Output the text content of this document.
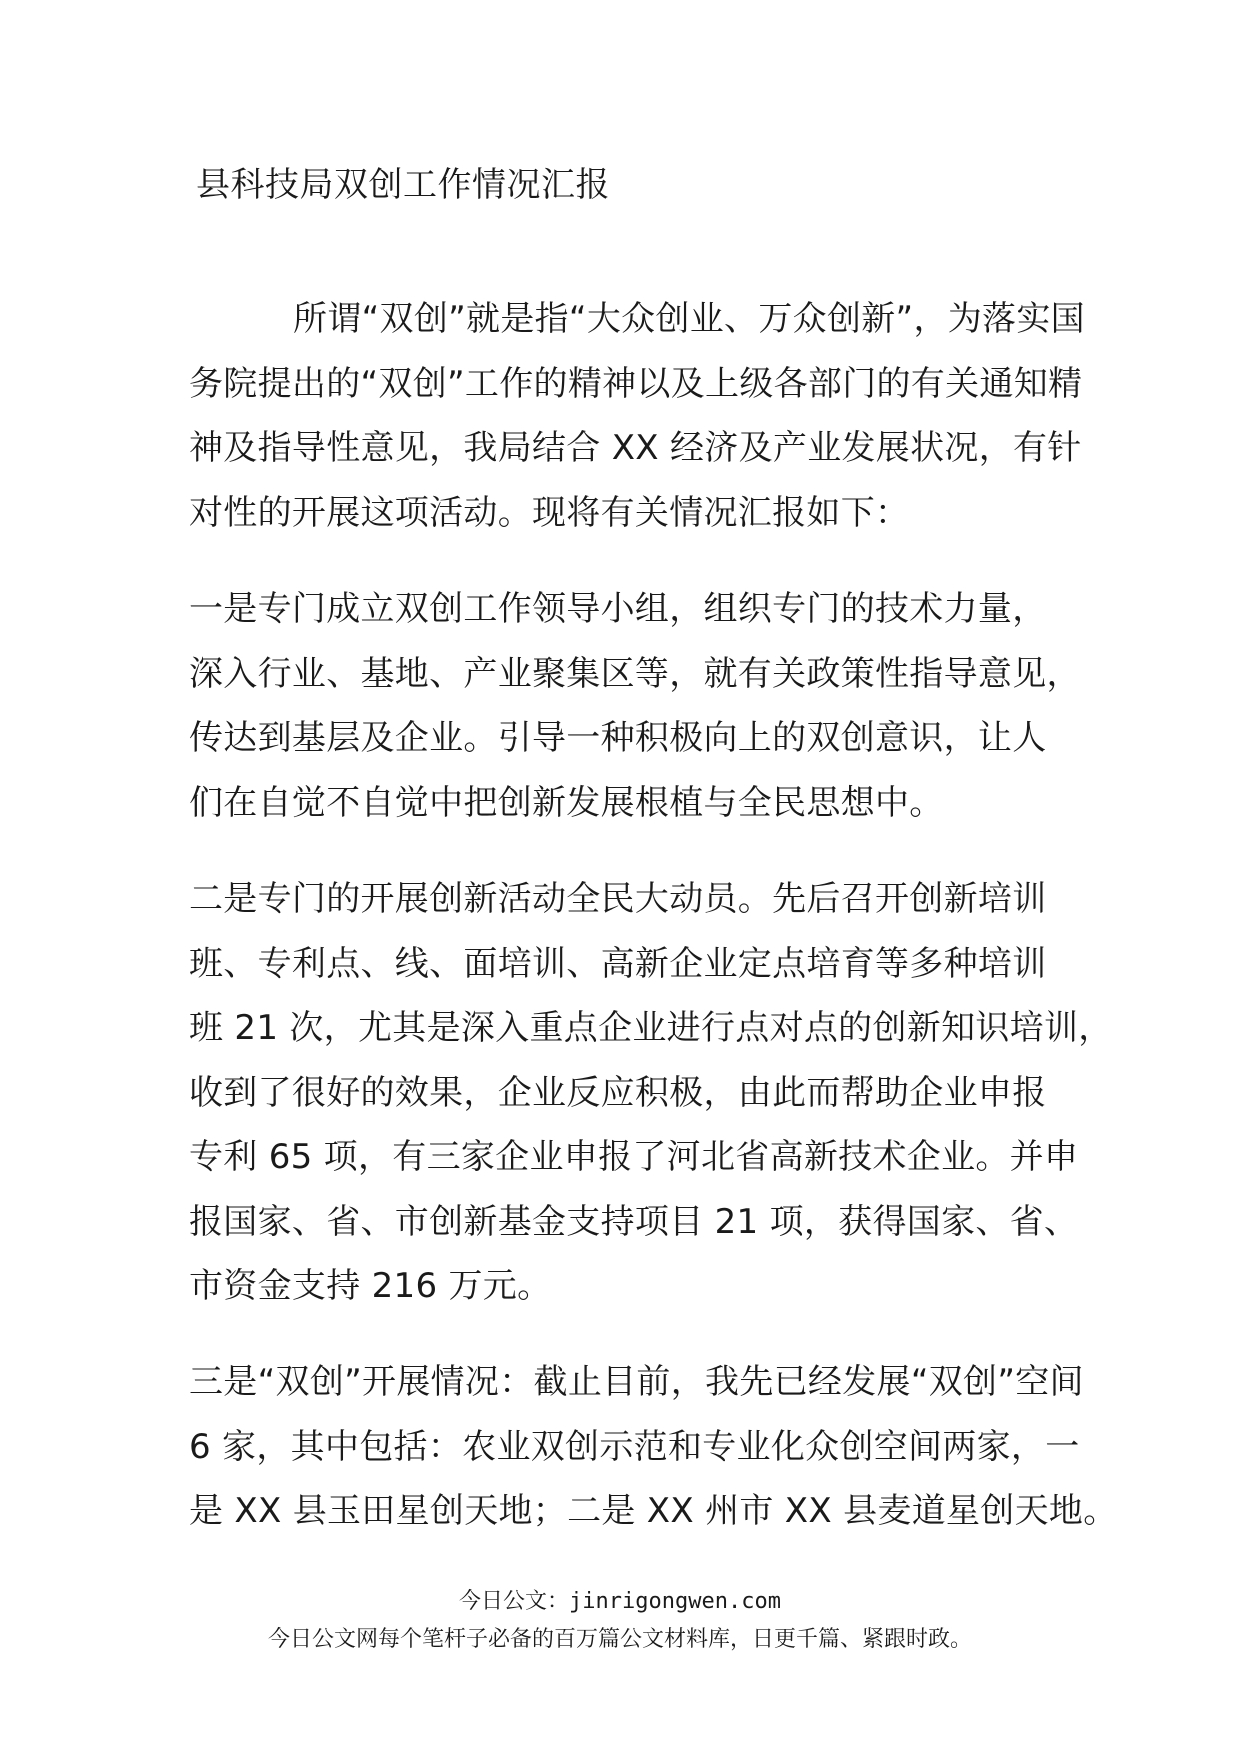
县科技局双创工作情况汇报
所谓“双创”就是指“大众创业、万众创新”，为落实国
务院提出的“双创”工作的精神以及上级各部门的有关通知精
神及指导性意见，我局结合 XX 经济及产业发展状况，有针
对性的开展这项活动。现将有关情况汇报如下：
一是专门成立双创工作领导小组，组织专门的技术力量，
深入行业、基地、产业聚集区等，就有关政策性指导意见，
传达到基层及企业。引导一种积极向上的双创意识，让人
们在自觉不自觉中把创新发展根植与全民思想中。
二是专门的开展创新活动全民大动员。先后召开创新培训
班、专利点、线、面培训、高新企业定点培育等多种培训
班 21 次，尤其是深入重点企业进行点对点的创新知识培训，
收到了很好的效果，企业反应积极，由此而帮助企业申报
专利 65 项，有三家企业申报了河北省高新技术企业。并申
报国家、省、市创新基金支持项目 21 项，获得国家、省、
市资金支持 216 万元。
三是“双创”开展情况：截止目前，我先已经发展“双创”空间
6 家，其中包括：农业双创示范和专业化众创空间两家，一
是 XX 县玉田星创天地；二是 XX 州市 XX 县麦道星创天地。
今日公文：jinrigongwen.com
今日公文网每个笔杆子必备的百万篇公文材料库，日更千篇、紧跟时政。
